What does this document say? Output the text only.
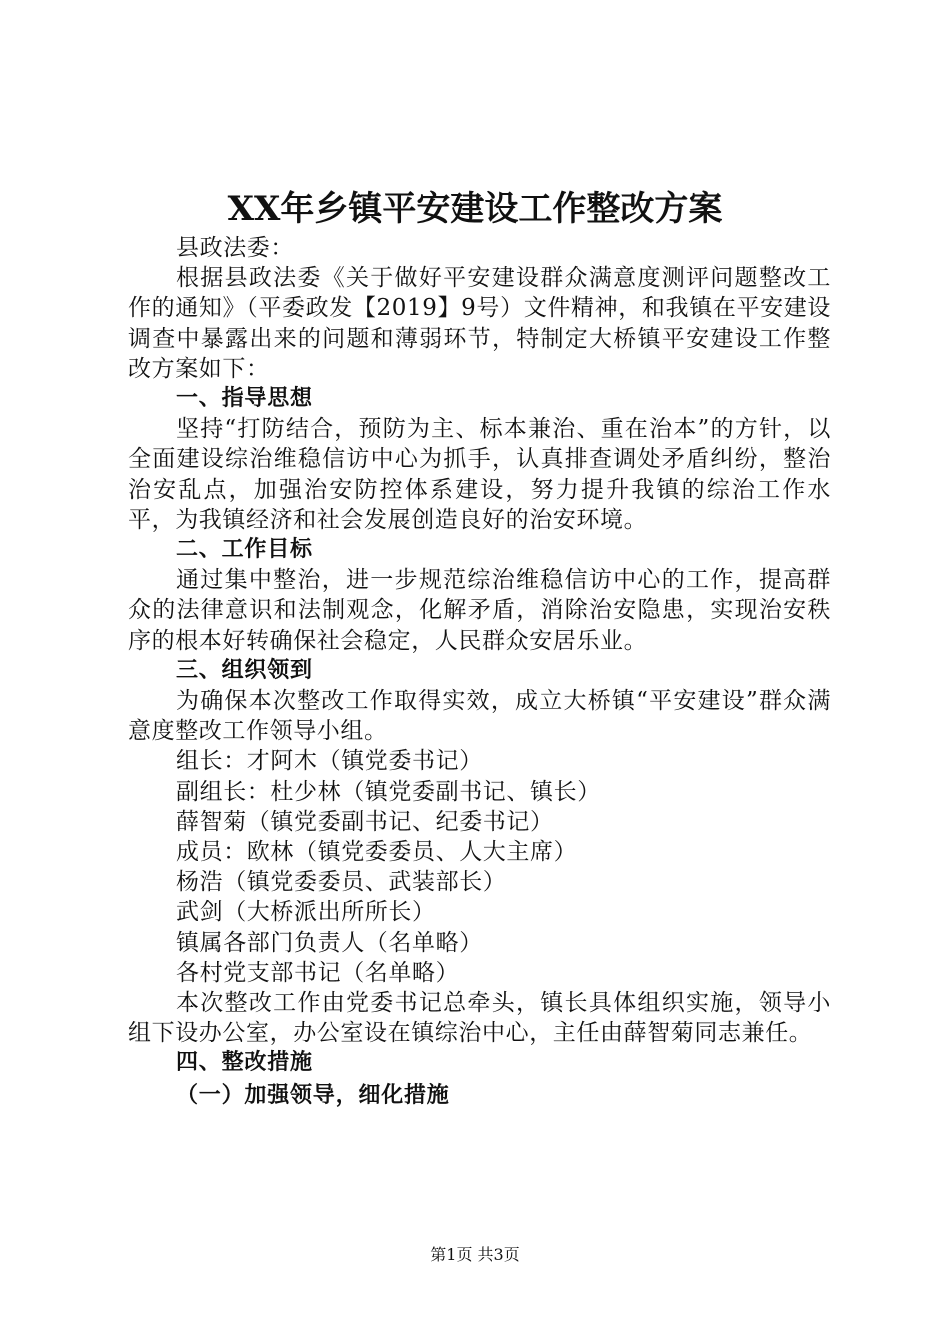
XX年乡镇平安建设工作整改方案

县政法委：

根据县政法委《关于做好平安建设群众满意度测评问题整改工作的通知》（平委政发【2019】9号）文件精神，和我镇在平安建设调查中暴露出来的问题和薄弱环节，特制定大桥镇平安建设工作整改方案如下：

一、指导思想

坚持“打防结合，预防为主、标本兼治、重在治本”的方针，以全面建设综治维稳信访中心为抓手，认真排查调处矛盾纠纷，整治治安乱点，加强治安防控体系建设，努力提升我镇的综治工作水平，为我镇经济和社会发展创造良好的治安环境。

二、工作目标

通过集中整治，进一步规范综治维稳信访中心的工作，提高群众的法律意识和法制观念，化解矛盾，消除治安隐患，实现治安秩序的根本好转确保社会稳定，人民群众安居乐业。

三、组织领到

为确保本次整改工作取得实效，成立大桥镇“平安建设”群众满意度整改工作领导小组。

组长：才阿木（镇党委书记）

副组长：杜少林（镇党委副书记、镇长）

薛智菊（镇党委副书记、纪委书记）

成员：欧林（镇党委委员、人大主席）

杨浩（镇党委委员、武装部长）

武剑（大桥派出所所长）

镇属各部门负责人（名单略）

各村党支部书记（名单略）

本次整改工作由党委书记总牵头，镇长具体组织实施，领导小组下设办公室，办公室设在镇综治中心，主任由薛智菊同志兼任。

四、整改措施

（一）加强领导，细化措施

第1页 共3页
